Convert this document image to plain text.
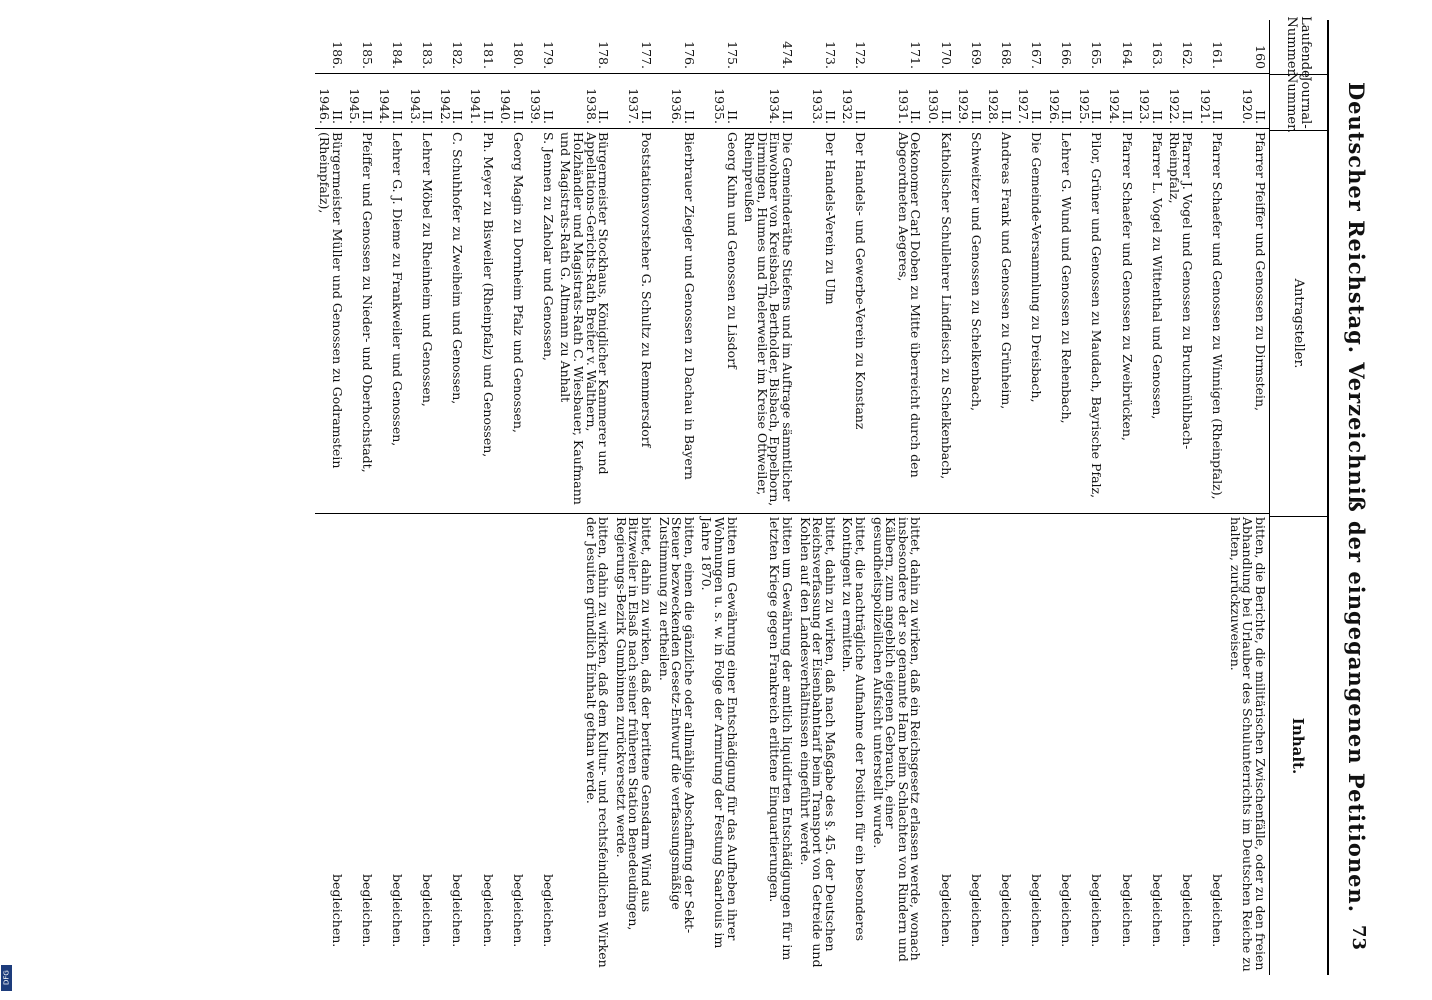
Deutscher Reichstag. Verzeichniß der eingegangenen Petitionen.
73
Laufende Nummer.
Journal-Nummer.
Antragsteller.
Inhalt.
160
II. 1920.
Pfarrer Pfeiffer und Genossen zu Dirmstein,
bitten, die Berichte, die militärischen Zwischenfälle, oder zu den freien Abhandlung bei Urlauber des Schulunterrichts im Deutschen Reiche zu halten, zurückzuweisen.
161.
II. 1921.
Pfarrer Schaefer und Genossen zu Winnigen (Rheinpfalz),
begleichen.
162.
II. 1922.
Pfarrer J. Vogel und Genossen zu Bruchmühlbach-Rheinpfalz,
begleichen.
163.
II. 1923.
Pfarrer L. Vogel zu Wittenthal und Genossen,
begleichen.
164.
II. 1924.
Pfarrer Schaefer und Genossen zu Zweibrücken,
begleichen.
165.
II. 1925.
Pilor, Grüner und Genossen zu Maudach, Bayrische Pfalz,
begleichen.
166.
II. 1926.
Lehrer G. Wund und Genossen zu Rehenbach,
begleichen.
167.
II. 1927.
Die Gemeinde-Versammlung zu Dreisbach,
begleichen.
168.
II. 1928.
Andreas Frank und Genossen zu Grünheim,
begleichen.
169.
II. 1929.
Schweitzer und Genossen zu Schelkenbach,
begleichen.
170.
II. 1930.
Katholischer Schullehrer Lindfleisch zu Schelkenbach,
begleichen.
171.
II. 1931.
Oekonomer Carl Doben zu Mitte überreicht durch den Abgeordneten Aegeres,
bittet, dahin zu wirken, daß ein Reichsgesetz erlassen werde, wonach insbesondere der so genannte Ham beim Schlachten von Rindern und Kälbern, zum angeblich eigenen Gebrauch, einer gesundheitspolizeilichen Aufsicht unterstellt wurde.
172.
II. 1932.
Der Handels- und Gewerbe-Verein zu Konstanz
bittet, die nachträgliche Aufnahme der Position für ein besonderes Kontingent zu ermitteln.
173.
II. 1933.
Der Handels-Verein zu Ulm
bittet, dahin zu wirken, daß nach Maßgabe des §. 45. der Deutschen Reichsverfassung der Eisenbahntarif beim Transport von Getreide und Kohlen auf den Landesverhältnissen eingeführt werde.
474.
II. 1934.
Die Gemeinderäthe Stiefens und im Auftrage sämmtlicher Einwohner von Kreisbach, Bertholder, Bisbach, Eppelborn, Dirmingen, Humes und Thelerweiler im Kreise Ottweiler, Rheinpreußen
bitten um Gewährung der amtlich liquidirten Entschädigungen für im letzten Kriege gegen Frankreich erlittene Einquartierungen.
175.
II. 1935.
Georg Kuhn und Genossen zu Lisdorf
bitten um Gewährung einer Entschädigung für das Aufheben ihrer Wohnungen u. s. w. in Folge der Armirung der Festung Saarlouis im Jahre 1870.
176.
II. 1936.
Bierbrauer Ziegler und Genossen zu Dachau in Bayern
bitten, einen die gänzliche oder allmählige Abschaffung der Sekt-Steuer bezweckenden Gesetz-Entwurf die verfassungsmäßige Zustimmung zu ertheilen.
177.
II. 1937.
Poststationsvorsteher G. Schultz zu Remmersdorf
bittet, dahin zu wirken, daß der berittene Gensdarm Wind aus Bitzweiler in Elsaß nach seiner früheren Station Benedeudingen, Regierungs-Bezirk Gumbinnen zurückversetzt werde.
178.
II. 1938.
Bürgermeister Stockhaus, Königlicher Kammerer und Appellations-Gerichts-Rath Breiter v. Walthern, Holzhändler und Magistrats-Rath C. Wiesbauer, Kaufmann und Magistrats-Rath G. Altmann zu Anhalt
bitten, dahin zu wirken, daß dem Kultur- und rechtsfeindlichen Wirken der Jesuiten gründlich Einhalt gethan werde.
179.
II. 1939.
S. Jennen zu Zaholar und Genossen,
begleichen.
180.
II. 1940.
Georg Magin zu Dornheim Pfalz und Genossen,
begleichen.
181.
II. 1941.
Ph. Meyer zu Bisweiler (Rheinpfalz) und Genossen,
begleichen.
182.
II. 1942.
C. Schuhhofer zu Zweiheim und Genossen,
begleichen.
183.
II. 1943.
Lehrer Möbel zu Rheinheim und Genossen,
begleichen.
184.
II. 1944.
Lehrer G. J. Dieme zu Frankweiler und Genossen,
begleichen.
185.
II. 1945.
Pfeiffer und Genossen zu Nieder- und Oberhochstadt,
begleichen.
186.
II. 1946.
Bürgermeister Müller und Genossen zu Godramstein (Rheinpfalz),
begleichen.
DFG
